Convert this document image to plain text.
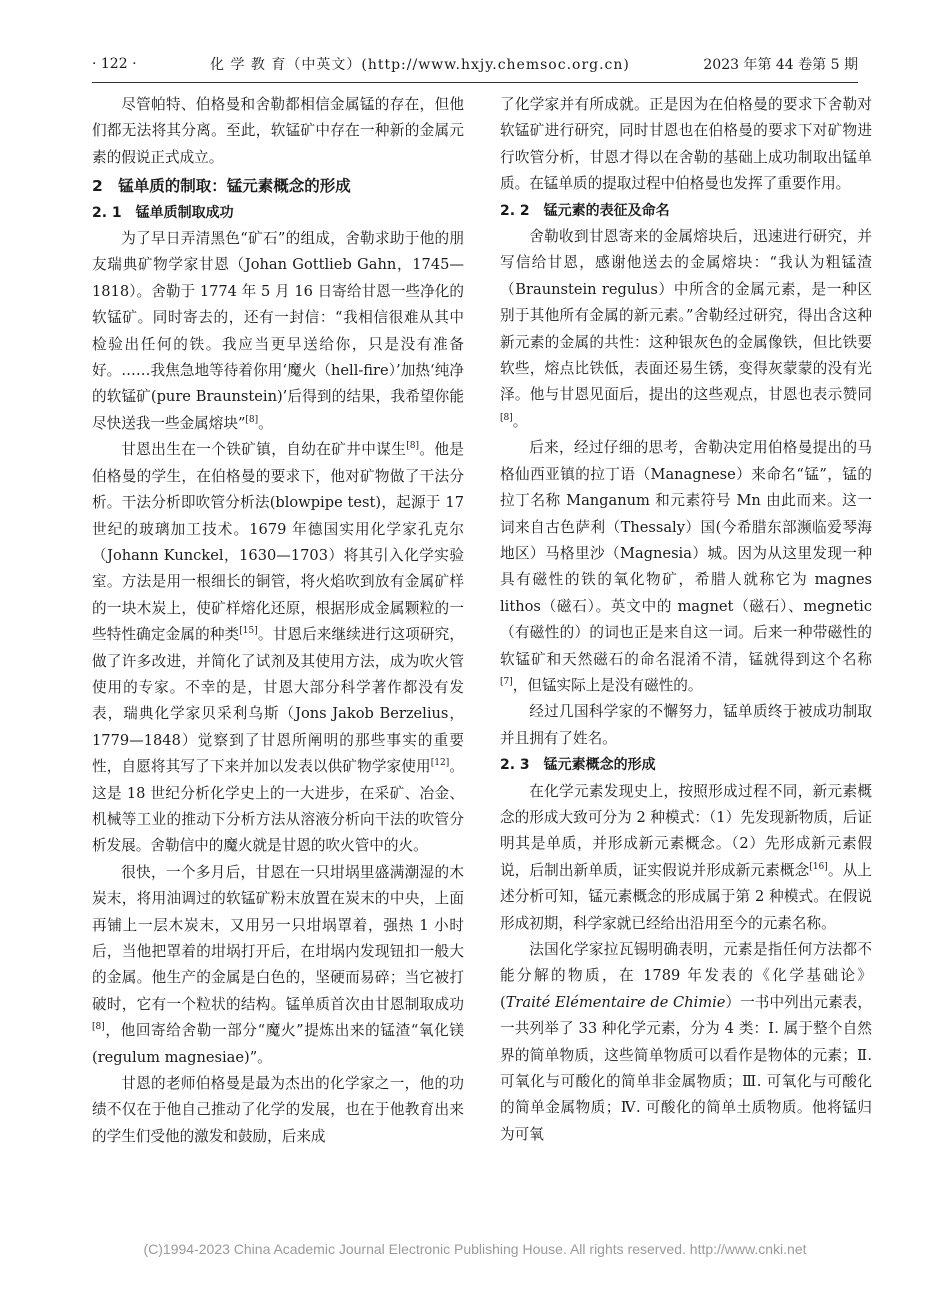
· 122 ·	化 学 教 育（中英文）(http://www.hxjy.chemsoc.org.cn)	2023 年第 44 卷第 5 期

尽管帕特、伯格曼和舍勒都相信金属锰的存在，但他们都无法将其分离。至此，软锰矿中存在一种新的金属元素的假说正式成立。

2　锰单质的制取：锰元素概念的形成
2. 1　锰单质制取成功

为了早日弄清黑色“矿石”的组成，舍勒求助于他的朋友瑞典矿物学家甘恩（Johan Gottlieb Gahn，1745—1818）。舍勒于 1774 年 5 月 16 日寄给甘恩一些净化的软锰矿。同时寄去的，还有一封信：“我相信很难从其中检验出任何的铁。我应当更早送给你，只是没有准备好。……我焦急地等待着你用‘魔火（hell-fire）’加热‘纯净的软锰矿(pure Braunstein)’后得到的结果，我希望你能尽快送我一些金属熔块”[8]。

甘恩出生在一个铁矿镇，自幼在矿井中谋生[8]。他是伯格曼的学生，在伯格曼的要求下，他对矿物做了干法分析。干法分析即吹管分析法(blowpipe test)，起源于 17 世纪的玻璃加工技术。1679 年德国实用化学家孔克尔（Johann Kunckel，1630—1703）将其引入化学实验室。方法是用一根细长的铜管，将火焰吹到放有金属矿样的一块木炭上，使矿样熔化还原，根据形成金属颗粒的一些特性确定金属的种类[15]。甘恩后来继续进行这项研究，做了许多改进，并简化了试剂及其使用方法，成为吹火管使用的专家。不幸的是，甘恩大部分科学著作都没有发表，瑞典化学家贝采利乌斯（Jons Jakob Berzelius，1779—1848）觉察到了甘恩所阐明的那些事实的重要性，自愿将其写了下来并加以发表以供矿物学家使用[12]。这是 18 世纪分析化学史上的一大进步，在采矿、冶金、机械等工业的推动下分析方法从溶液分析向干法的吹管分析发展。舍勒信中的魔火就是甘恩的吹火管中的火。

很快，一个多月后，甘恩在一只坩埚里盛满潮湿的木炭末，将用油调过的软锰矿粉末放置在炭末的中央，上面再铺上一层木炭末，又用另一只坩埚罩着，强热 1 小时后，当他把罩着的坩埚打开后，在坩埚内发现钮扣一般大的金属。他生产的金属是白色的，坚硬而易碎；当它被打破时，它有一个粒状的结构。锰单质首次由甘恩制取成功[8]，他回寄给舍勒一部分“魔火”提炼出来的锰渣“氧化镁(regulum magnesiae)”。

甘恩的老师伯格曼是最为杰出的化学家之一，他的功绩不仅在于他自己推动了化学的发展，也在于他教育出来的学生们受他的激发和鼓励，后来成

了化学家并有所成就。正是因为在伯格曼的要求下舍勒对软锰矿进行研究，同时甘恩也在伯格曼的要求下对矿物进行吹管分析，甘恩才得以在舍勒的基础上成功制取出锰单质。在锰单质的提取过程中伯格曼也发挥了重要作用。

2. 2　锰元素的表征及命名

舍勒收到甘恩寄来的金属熔块后，迅速进行研究，并写信给甘恩，感谢他送去的金属熔块：“我认为粗锰渣（Braunstein regulus）中所含的金属元素，是一种区别于其他所有金属的新元素。”舍勒经过研究，得出含这种新元素的金属的共性：这种银灰色的金属像铁，但比铁要软些，熔点比铁低，表面还易生锈，变得灰蒙蒙的没有光泽。他与甘恩见面后，提出的这些观点，甘恩也表示赞同[8]。

后来，经过仔细的思考，舍勒决定用伯格曼提出的马格仙西亚镇的拉丁语（Managnese）来命名“锰”，锰的拉丁名称 Manganum 和元素符号 Mn 由此而来。这一词来自古色萨利（Thessaly）国(今希腊东部濒临爱琴海地区）马格里沙（Magnesia）城。因为从这里发现一种具有磁性的铁的氧化物矿，希腊人就称它为 magnes lithos（磁石）。英文中的 magnet（磁石）、megnetic（有磁性的）的词也正是来自这一词。后来一种带磁性的软锰矿和天然磁石的命名混淆不清，锰就得到这个名称[7]，但锰实际上是没有磁性的。

经过几国科学家的不懈努力，锰单质终于被成功制取并且拥有了姓名。

2. 3　锰元素概念的形成

在化学元素发现史上，按照形成过程不同，新元素概念的形成大致可分为 2 种模式：（1）先发现新物质，后证明其是单质，并形成新元素概念。（2）先形成新元素假说，后制出新单质，证实假说并形成新元素概念[16]。从上述分析可知，锰元素概念的形成属于第 2 种模式。在假说形成初期，科学家就已经给出沿用至今的元素名称。

法国化学家拉瓦锡明确表明，元素是指任何方法都不能分解的物质，在 1789 年发表的《化学基础论》(Traité Elémentaire de Chimie）一书中列出元素表，一共列举了 33 种化学元素，分为 4 类：Ⅰ. 属于整个自然界的简单物质，这些简单物质可以看作是物体的元素；Ⅱ. 可氧化与可酸化的简单非金属物质；Ⅲ. 可氧化与可酸化的简单金属物质；Ⅳ. 可酸化的简单土质物质。他将锰归为可氧

(C)1994-2023 China Academic Journal Electronic Publishing House. All rights reserved. http://www.cnki.net
